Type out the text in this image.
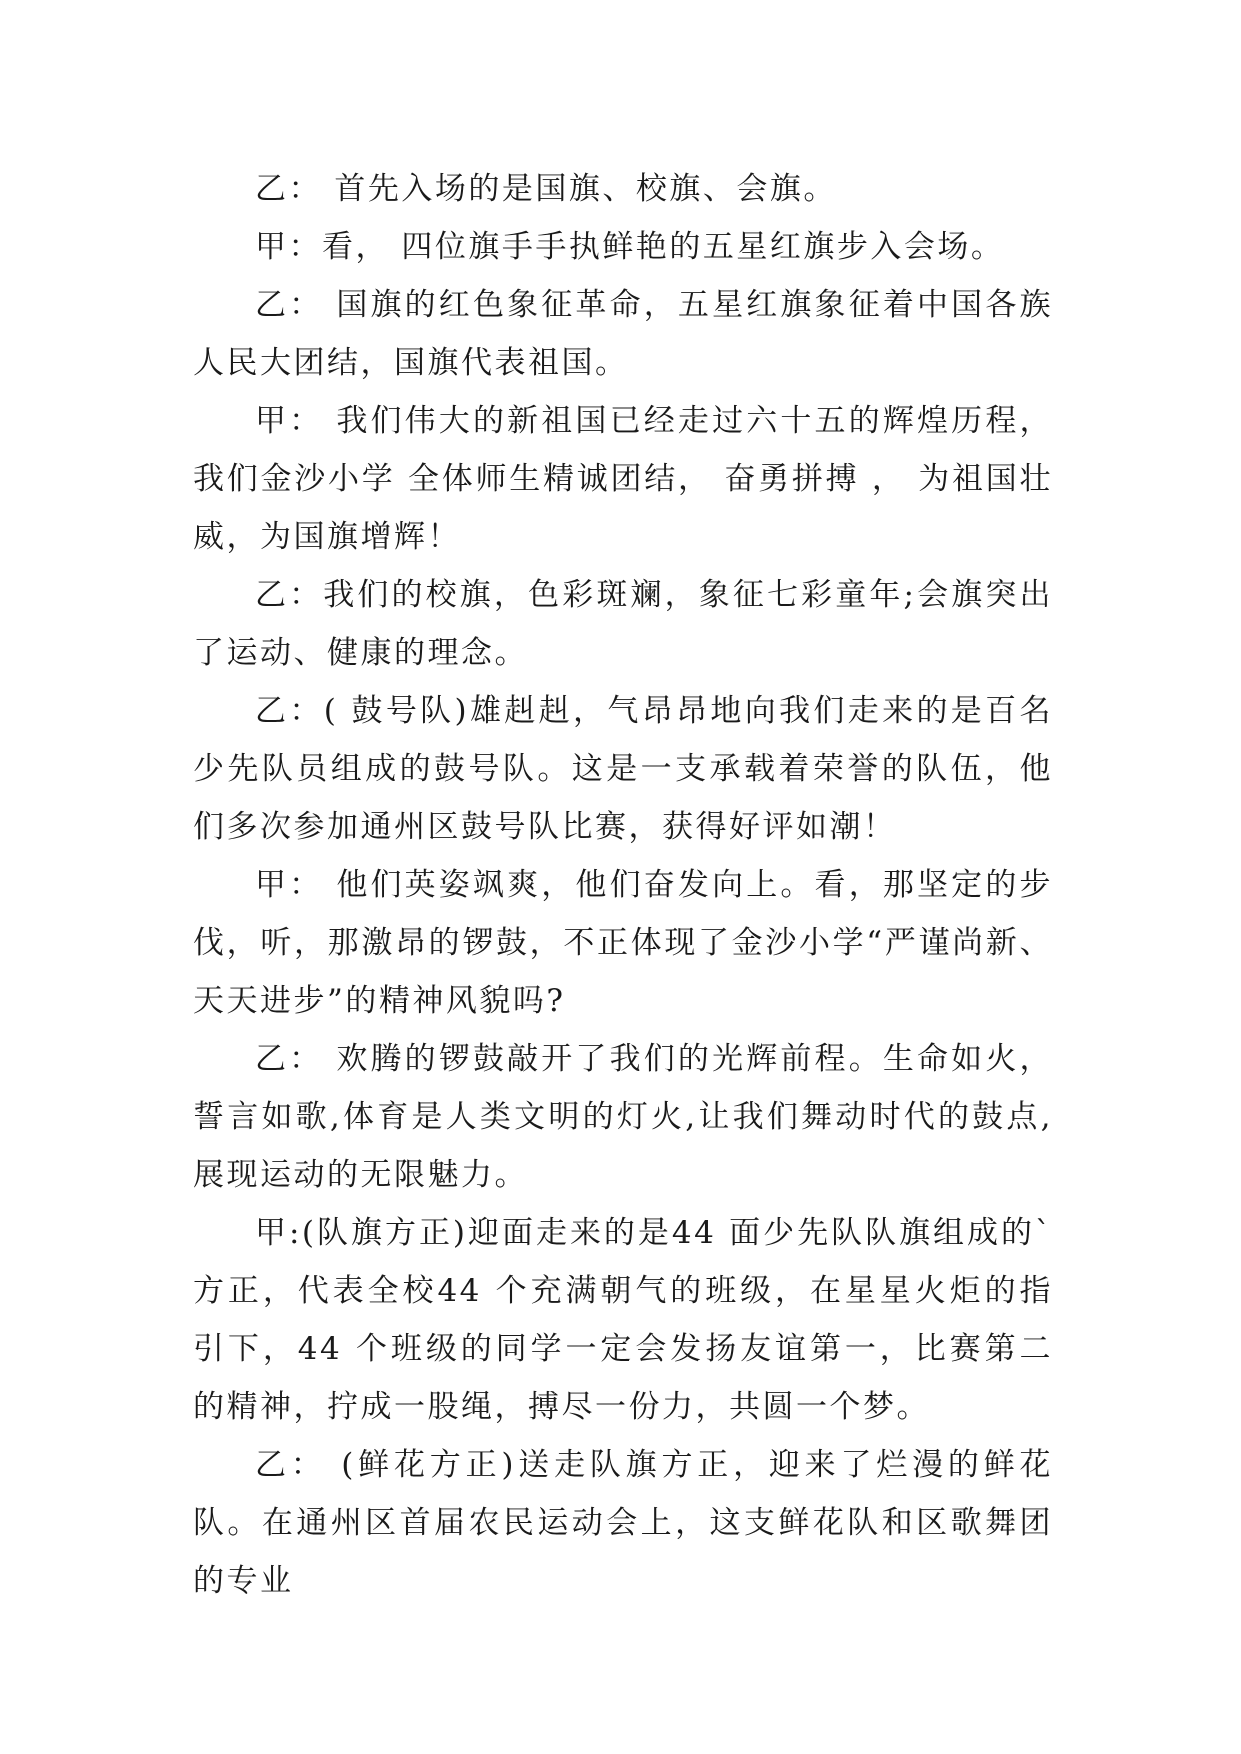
乙： 首先入场的是国旗、校旗、会旗。

甲：看， 四位旗手手执鲜艳的五星红旗步入会场。

乙： 国旗的红色象征革命，五星红旗象征着中国各族人民大团结，国旗代表祖国。

甲： 我们伟大的新祖国已经走过六十五的辉煌历程，我们金沙小学 全体师生精诚团结， 奋勇拼搏 ， 为祖国壮威，为国旗增辉！

乙：我们的校旗，色彩斑斓，象征七彩童年;会旗突出了运动、健康的理念。

乙：( 鼓号队)雄赳赳，气昂昂地向我们走来的是百名少先队员组成的鼓号队。这是一支承载着荣誉的队伍，他们多次参加通州区鼓号队比赛，获得好评如潮！

甲： 他们英姿飒爽，他们奋发向上。看，那坚定的步伐，听，那激昂的锣鼓，不正体现了金沙小学“严谨尚新、天天进步”的精神风貌吗?

乙： 欢腾的锣鼓敲开了我们的光辉前程。生命如火，誓言如歌,体育是人类文明的灯火,让我们舞动时代的鼓点,展现运动的无限魅力。

甲:(队旗方正)迎面走来的是44 面少先队队旗组成的`方正，代表全校44 个充满朝气的班级，在星星火炬的指引下，44 个班级的同学一定会发扬友谊第一，比赛第二的精神，拧成一股绳，搏尽一份力，共圆一个梦。

乙： (鲜花方正)送走队旗方正，迎来了烂漫的鲜花队。在通州区首届农民运动会上，这支鲜花队和区歌舞团的专业
